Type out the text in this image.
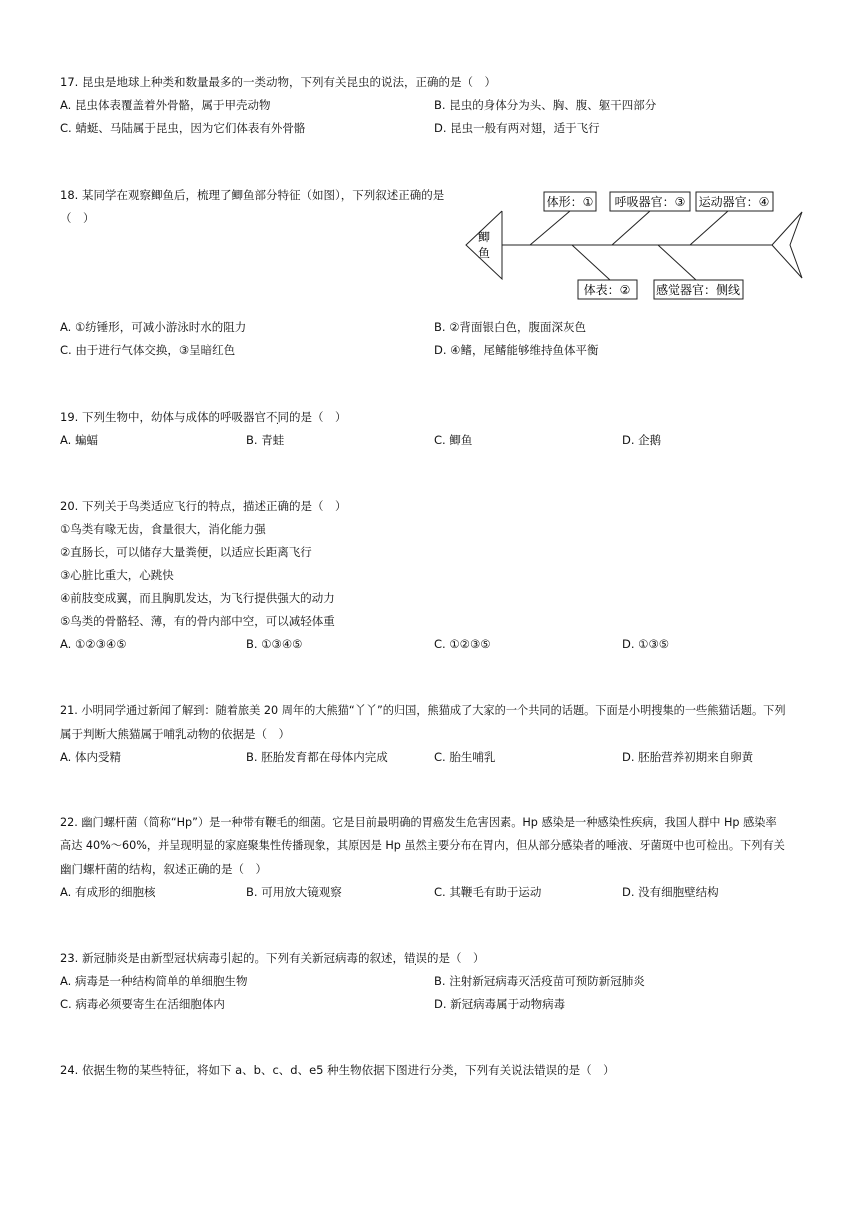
17. 昆虫是地球上种类和数量最多的一类动物，下列有关昆虫的说法，正确的是（　）
A. 昆虫体表覆盖着外骨骼，属于甲壳动物	B. 昆虫的身体分为头、胸、腹、躯干四部分
C. 蜻蜓、马陆属于昆虫，因为它们体表有外骨骼	D. 昆虫一般有两对翅，适于飞行
18. 某同学在观察鲫鱼后，梳理了鲫鱼部分特征（如图），下列叙述正确的是
（　）
鲫
鱼
体形：① 呼吸器官：③ 运动器官：④
体表：② 感觉器官：侧线
A. ①纺锤形，可减小游泳时水的阻力	B. ②背面银白色，腹面深灰色
C. 由于进行气体交换，③呈暗红色	D. ④鳍，尾鳍能够维持鱼体平衡
19. 下列生物中，幼体与成体的呼吸器官不同的是（　）
A. 蝙蝠	B. 青蛙	C. 鲫鱼	D. 企鹅
20. 下列关于鸟类适应飞行的特点，描述正确的是（　）
①鸟类有喙无齿，食量很大，消化能力强
②直肠长，可以储存大量粪便，以适应长距离飞行
③心脏比重大，心跳快
④前肢变成翼，而且胸肌发达，为飞行提供强大的动力
⑤鸟类的骨骼轻、薄，有的骨内部中空，可以减轻体重
A. ①②③④⑤	B. ①③④⑤	C. ①②③⑤	D. ①③⑤
21. 小明同学通过新闻了解到：随着旅美 20 周年的大熊猫“丫丫”的归国，熊猫成了大家的一个共同的话题。下面是小明搜集的一些熊猫话题。下列
属于判断大熊猫属于哺乳动物的依据是（　）
A. 体内受精	B. 胚胎发育都在母体内完成	C. 胎生哺乳	D. 胚胎营养初期来自卵黄
22. 幽门螺杆菌（简称“Hp”）是一种带有鞭毛的细菌。它是目前最明确的胃癌发生危害因素。Hp 感染是一种感染性疾病，我国人群中 Hp 感染率
高达 40%～60%，并呈现明显的家庭聚集性传播现象，其原因是 Hp 虽然主要分布在胃内，但从部分感染者的唾液、牙菌斑中也可检出。下列有关
幽门螺杆菌的结构，叙述正确的是（　）
A. 有成形的细胞核	B. 可用放大镜观察	C. 其鞭毛有助于运动	D. 没有细胞壁结构
23. 新冠肺炎是由新型冠状病毒引起的。下列有关新冠病毒的叙述，错误的是（　）
A. 病毒是一种结构简单的单细胞生物	B. 注射新冠病毒灭活疫苗可预防新冠肺炎
C. 病毒必须要寄生在活细胞体内	D. 新冠病毒属于动物病毒
24. 依据生物的某些特征，将如下 a、b、c、d、e5 种生物依据下图进行分类，下列有关说法错误的是（　）
